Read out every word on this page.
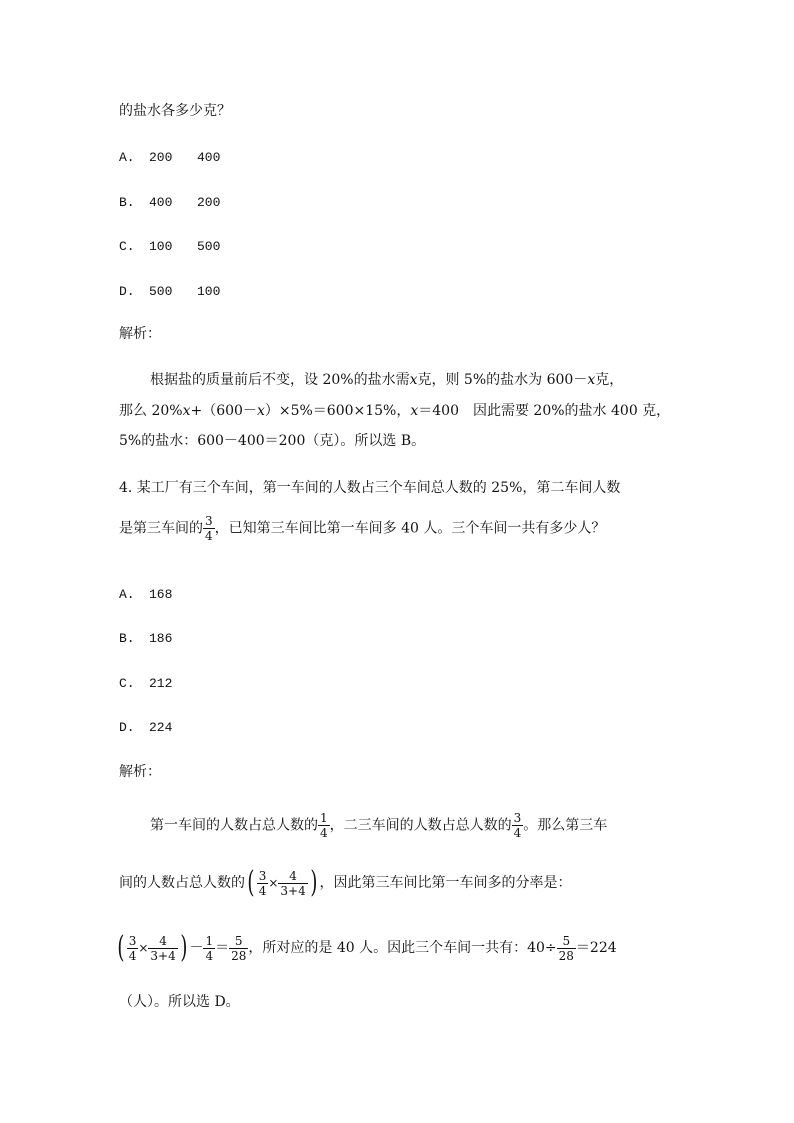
的盐水各多少克？
A. 200 400
B. 400 200
C. 100 500
D. 500 100
解析：
根据盐的质量前后不变，设 20%的盐水需x克，则 5%的盐水为 600－x克，
那么 20%x+（600－x）×5%＝600×15%，x＝400　因此需要 20%的盐水 400 克，
5%的盐水：600－400＝200（克）。所以选 B。
4. 某工厂有三个车间，第一车间的人数占三个车间总人数的 25%，第二车间人数
是第三车间的 $\frac{3}{4}$ ，已知第三车间比第一车间多 40 人。三个车间一共有多少人？
A. 168
B. 186
C. 212
D. 224
解析：
第一车间的人数占总人数的 $\frac{1}{4}$ ，二三车间的人数占总人数的 $\frac{3}{4}$ 。那么第三车
间的人数占总人数的 ( $\frac{3}{4} \times \frac{4}{3+4}$ ) ，因此第三车间比第一车间多的分率是：
( $\frac{3}{4} \times \frac{4}{3+4}$ ) － $\frac{1}{4} = \frac{5}{28}$ ，所对应的是 40 人。因此三个车间一共有：$40\div \frac{5}{28} =224$
（人）。所以选 D。
